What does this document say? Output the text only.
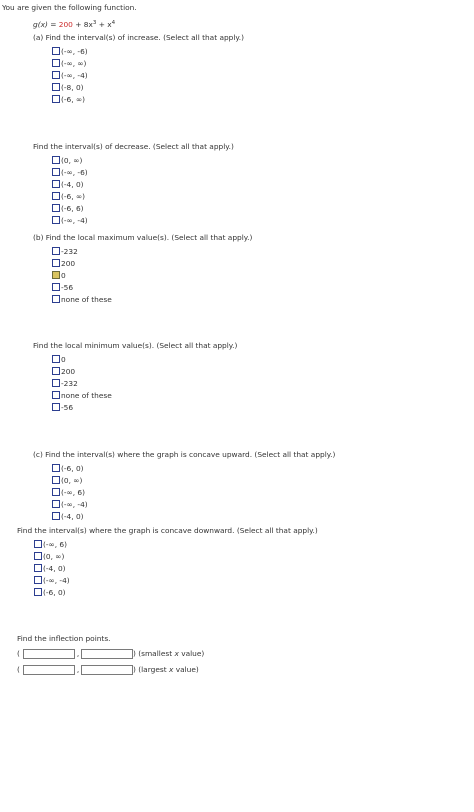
You are given the following function.
$g(x) = 200 + 8x^3 + x^4$
(a) Find the interval(s) of increase. (Select all that apply.)
(-∞, -6)
(-∞, ∞)
(-∞, -4)
(-8, 0)
(-6, ∞)
Find the interval(s) of decrease. (Select all that apply.)
(0, ∞)
(-∞, -6)
(-4, 0)
(-6, ∞)
(-6, 6)
(-∞, -4)
(b) Find the local maximum value(s). (Select all that apply.)
-232
200
0
-56
none of these
Find the local minimum value(s). (Select all that apply.)
0
200
-232
none of these
-56
(c) Find the interval(s) where the graph is concave upward. (Select all that apply.)
(-6, 0)
(0, ∞)
(-∞, 6)
(-∞, -4)
(-4, 0)
Find the interval(s) where the graph is concave downward. (Select all that apply.)
(-∞, 6)
(0, ∞)
(-4, 0)
(-∞, -4)
(-6, 0)
Find the inflection points.
(	,	) (smallest x value)
(	,	) (largest x value)
